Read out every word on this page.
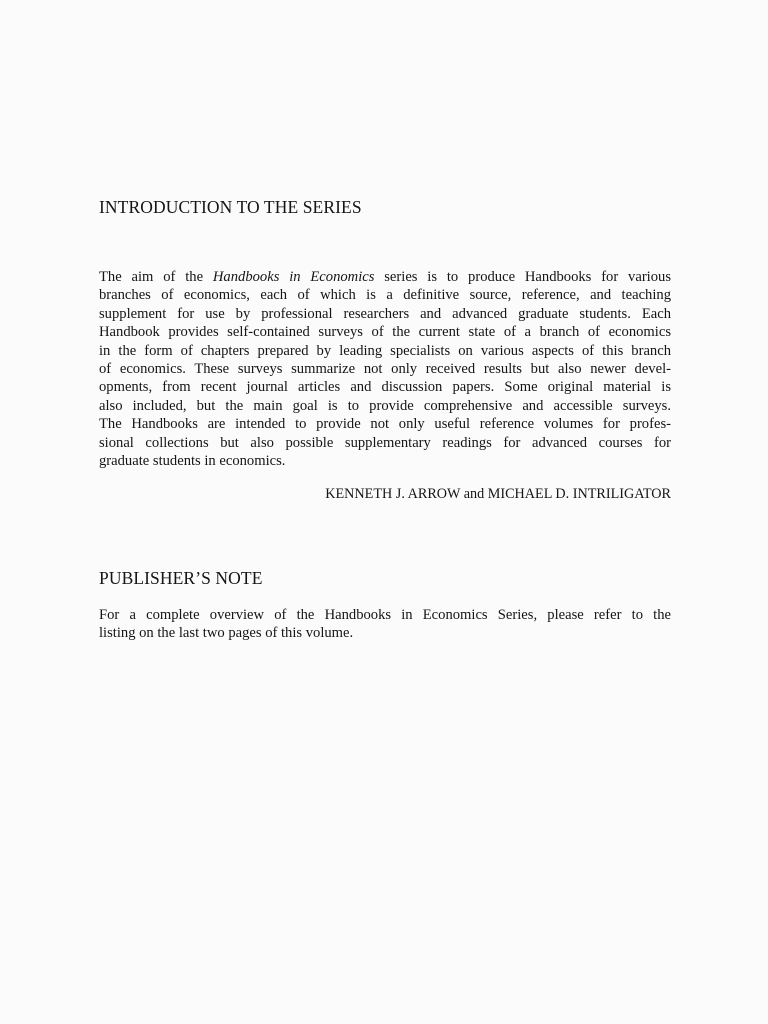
INTRODUCTION TO THE SERIES
The aim of the Handbooks in Economics series is to produce Handbooks for various
branches of economics, each of which is a definitive source, reference, and teaching
supplement for use by professional researchers and advanced graduate students. Each
Handbook provides self-contained surveys of the current state of a branch of economics
in the form of chapters prepared by leading specialists on various aspects of this branch
of economics. These surveys summarize not only received results but also newer devel-
opments, from recent journal articles and discussion papers. Some original material is
also included, but the main goal is to provide comprehensive and accessible surveys.
The Handbooks are intended to provide not only useful reference volumes for profes-
sional collections but also possible supplementary readings for advanced courses for
graduate students in economics.
KENNETH J. ARROW and MICHAEL D. INTRILIGATOR
PUBLISHER’S NOTE
For a complete overview of the Handbooks in Economics Series, please refer to the
listing on the last two pages of this volume.
